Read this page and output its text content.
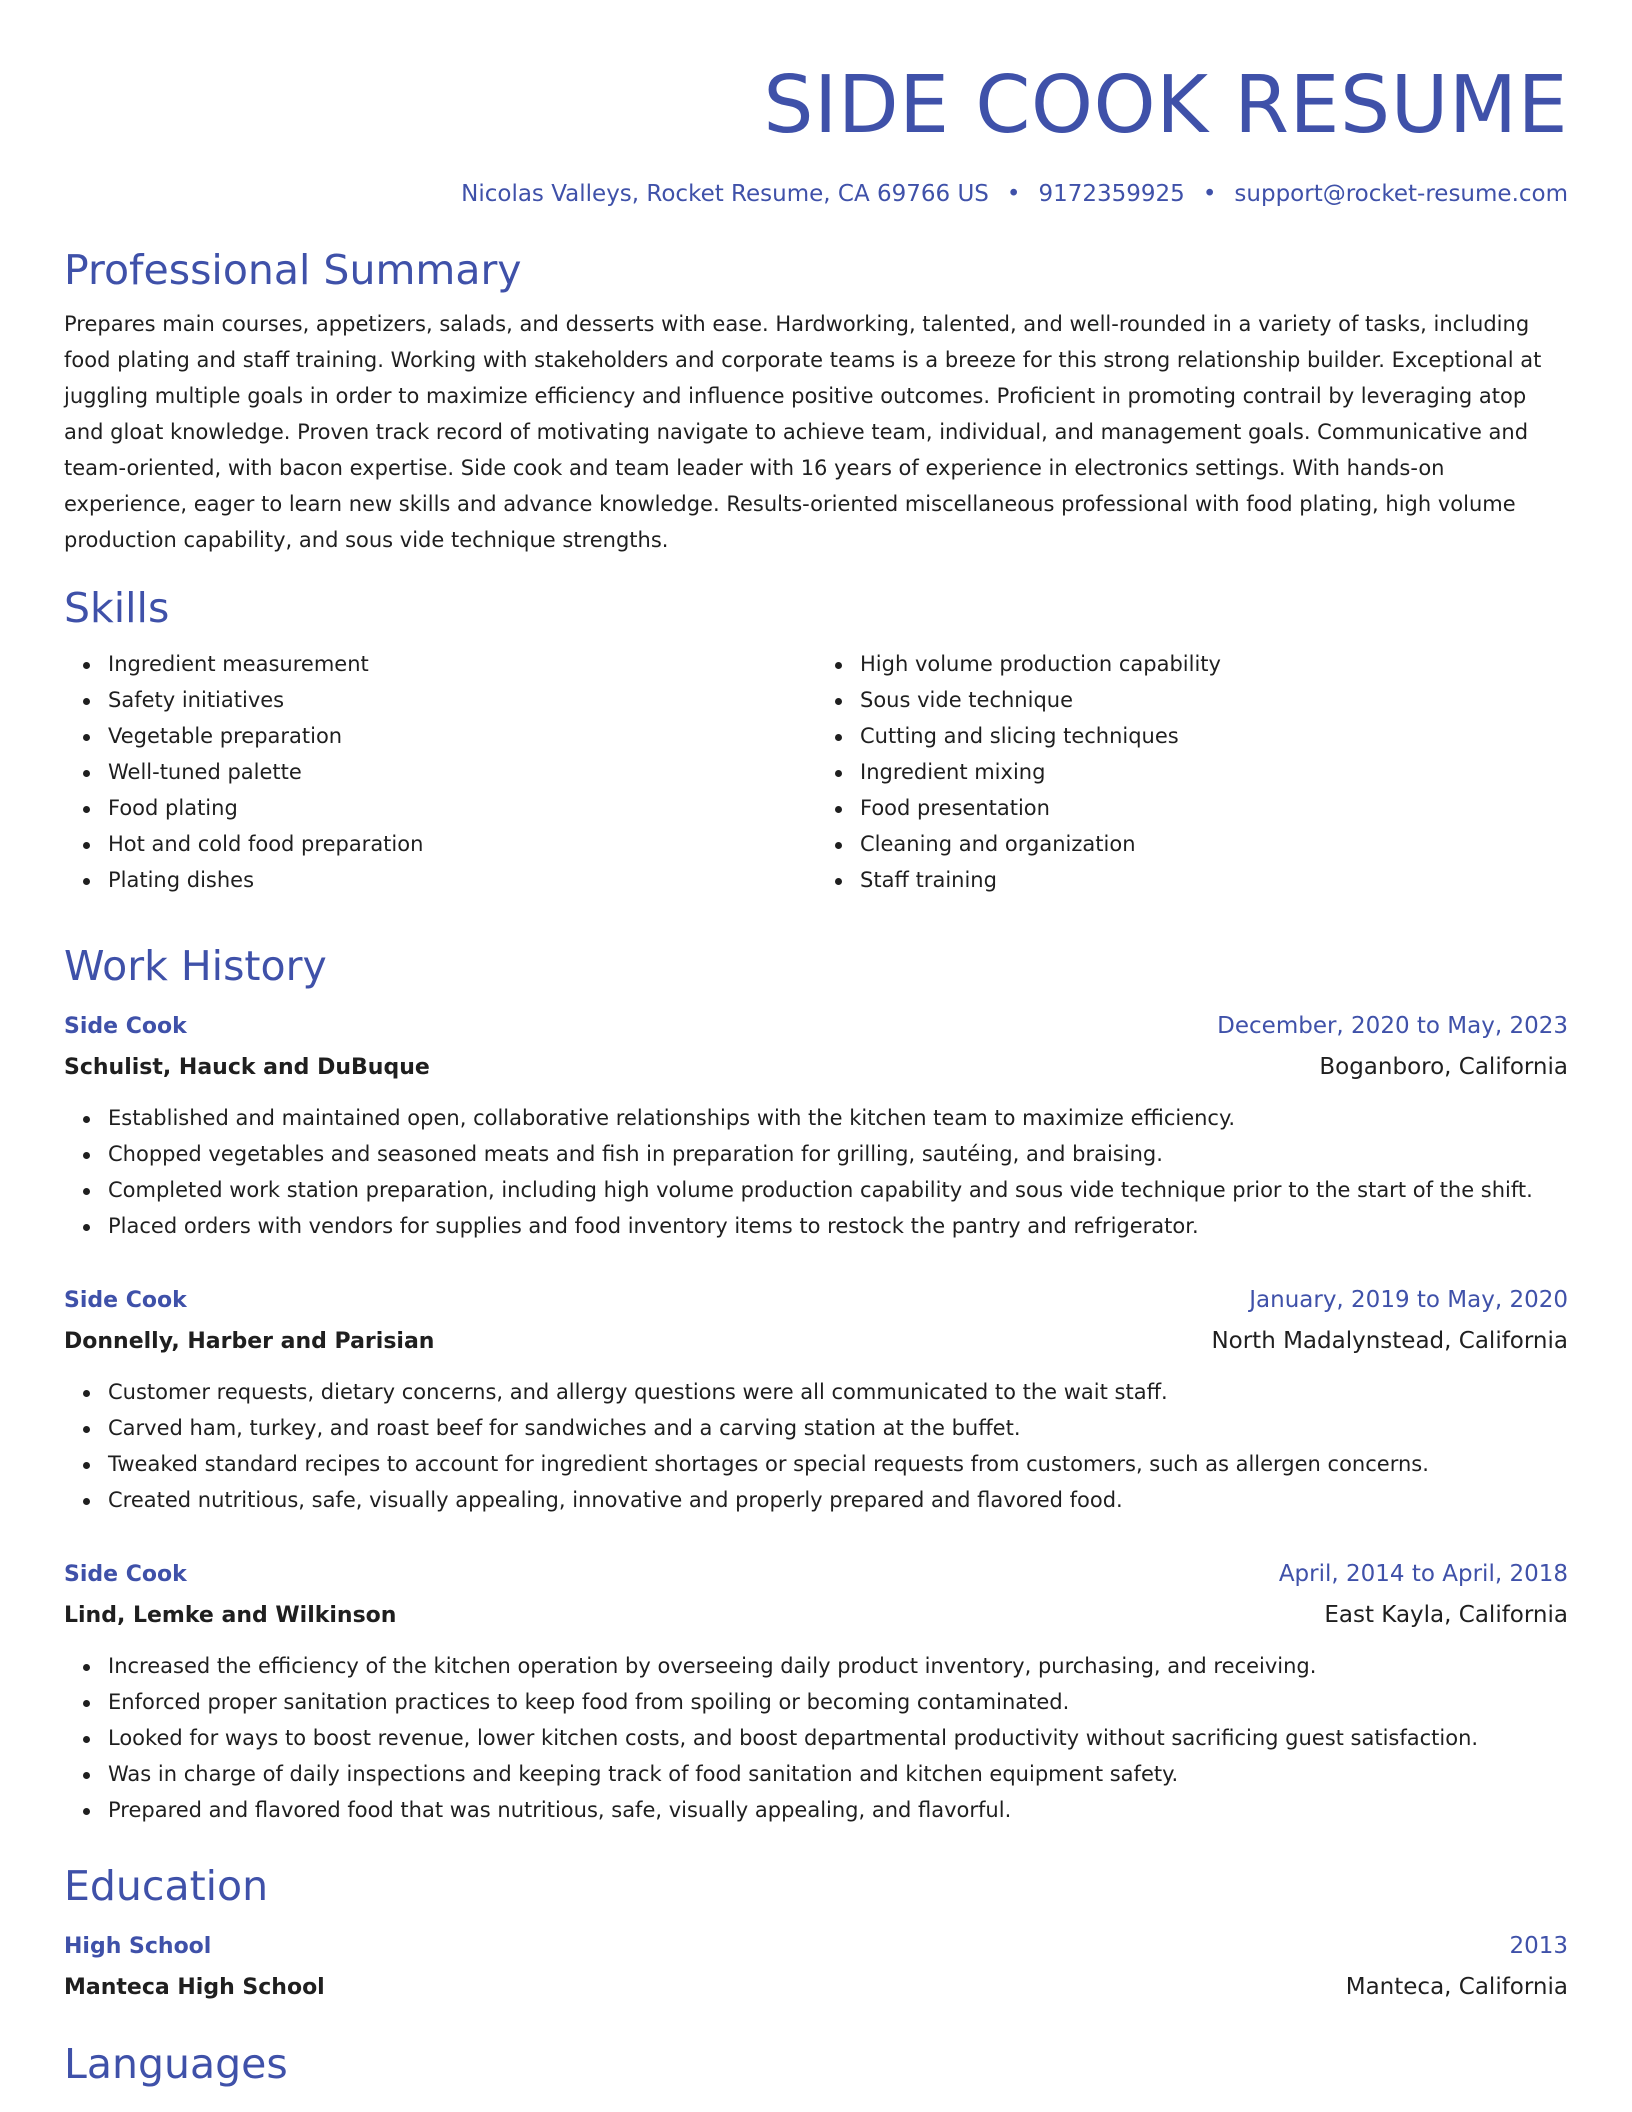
SIDE COOK RESUME
Nicolas Valleys, Rocket Resume, CA 69766 US • 9172359925 • support@rocket-resume.com
Professional Summary

Prepares main courses, appetizers, salads, and desserts with ease. Hardworking, talented, and well-rounded in a variety of tasks, including food plating and staff training. Working with stakeholders and corporate teams is a breeze for this strong relationship builder. Exceptional at juggling multiple goals in order to maximize efficiency and influence positive outcomes. Proficient in promoting contrail by leveraging atop and gloat knowledge. Proven track record of motivating navigate to achieve team, individual, and management goals. Communicative and team-oriented, with bacon expertise. Side cook and team leader with 16 years of experience in electronics settings. With hands-on experience, eager to learn new skills and advance knowledge. Results-oriented miscellaneous professional with food plating, high volume production capability, and sous vide technique strengths.

Skills
Ingredient measurement
Safety initiatives
Vegetable preparation
Well-tuned palette
Food plating
Hot and cold food preparation
Plating dishes
High volume production capability
Sous vide technique
Cutting and slicing techniques
Ingredient mixing
Food presentation
Cleaning and organization
Staff training
Work History
Side Cook	December, 2020 to May, 2023
Schulist, Hauck and DuBuque	Boganboro, California
Established and maintained open, collaborative relationships with the kitchen team to maximize efficiency.
Chopped vegetables and seasoned meats and fish in preparation for grilling, sautéing, and braising.
Completed work station preparation, including high volume production capability and sous vide technique prior to the start of the shift.
Placed orders with vendors for supplies and food inventory items to restock the pantry and refrigerator.
Side Cook	January, 2019 to May, 2020
Donnelly, Harber and Parisian	North Madalynstead, California
Customer requests, dietary concerns, and allergy questions were all communicated to the wait staff.
Carved ham, turkey, and roast beef for sandwiches and a carving station at the buffet.
Tweaked standard recipes to account for ingredient shortages or special requests from customers, such as allergen concerns.
Created nutritious, safe, visually appealing, innovative and properly prepared and flavored food.
Side Cook	April, 2014 to April, 2018
Lind, Lemke and Wilkinson	East Kayla, California
Increased the efficiency of the kitchen operation by overseeing daily product inventory, purchasing, and receiving.
Enforced proper sanitation practices to keep food from spoiling or becoming contaminated.
Looked for ways to boost revenue, lower kitchen costs, and boost departmental productivity without sacrificing guest satisfaction.
Was in charge of daily inspections and keeping track of food sanitation and kitchen equipment safety.
Prepared and flavored food that was nutritious, safe, visually appealing, and flavorful.
Education
High School	2013
Manteca High School	Manteca, California
Languages
